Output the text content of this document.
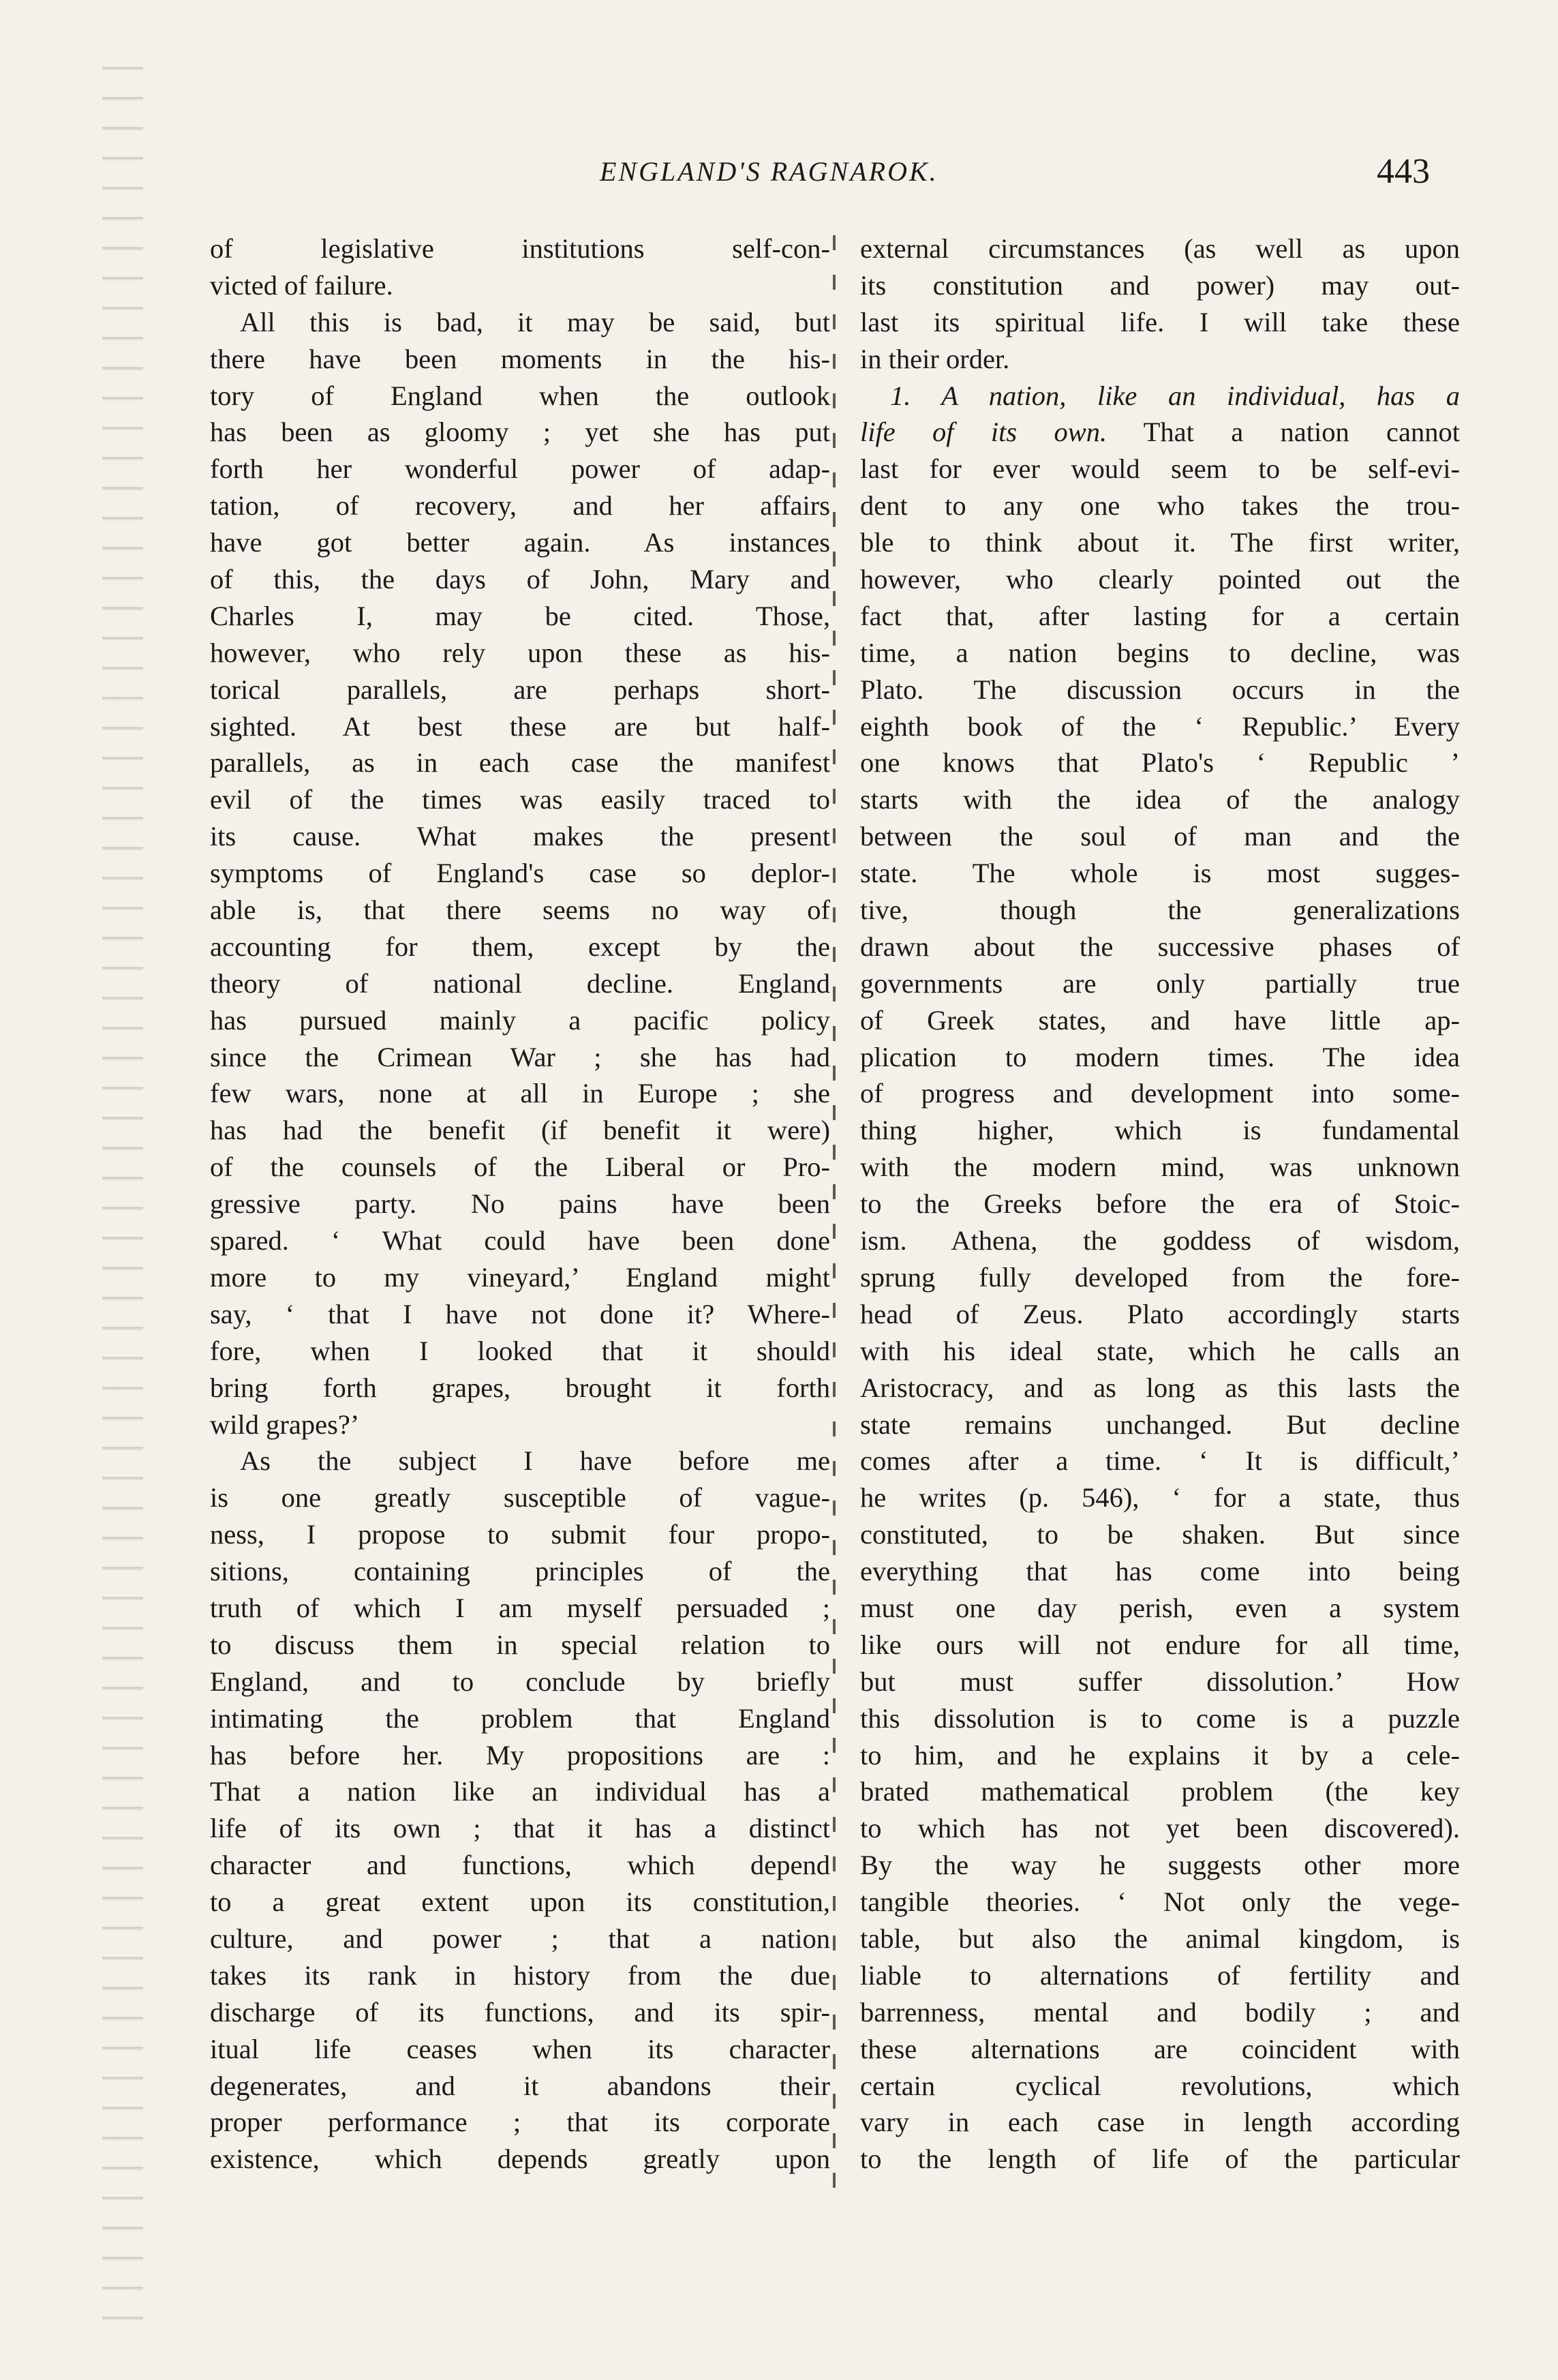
ENGLAND'S RAGNAROK.	443
of legislative institutions self-con-
victed of failure.
All this is bad, it may be said, but
there have been moments in the his-
tory of England when the outlook
has been as gloomy ; yet she has put
forth her wonderful power of adap-
tation, of recovery, and her affairs
have got better again. As instances
of this, the days of John, Mary and
Charles I, may be cited. Those,
however, who rely upon these as his-
torical parallels, are perhaps short-
sighted. At best these are but half-
parallels, as in each case the manifest
evil of the times was easily traced to
its cause. What makes the present
symptoms of England's case so deplor-
able is, that there seems no way of
accounting for them, except by the
theory of national decline. England
has pursued mainly a pacific policy
since the Crimean War ; she has had
few wars, none at all in Europe ; she
has had the benefit (if benefit it were)
of the counsels of the Liberal or Pro-
gressive party. No pains have been
spared. ‘ What could have been done
more to my vineyard,’ England might
say, ‘ that I have not done it? Where-
fore, when I looked that it should
bring forth grapes, brought it forth
wild grapes?’
As the subject I have before me
is one greatly susceptible of vague-
ness, I propose to submit four propo-
sitions, containing principles of the
truth of which I am myself persuaded ;
to discuss them in special relation to
England, and to conclude by briefly
intimating the problem that England
has before her. My propositions are :
That a nation like an individual has a
life of its own ; that it has a distinct
character and functions, which depend
to a great extent upon its constitution,
culture, and power ; that a nation
takes its rank in history from the due
discharge of its functions, and its spir-
itual life ceases when its character
degenerates, and it abandons their
proper performance ; that its corporate
existence, which depends greatly upon
external circumstances (as well as upon
its constitution and power) may out-
last its spiritual life. I will take these
in their order.
1. A nation, like an individual, has a
life of its own. That a nation cannot
last for ever would seem to be self-evi-
dent to any one who takes the trou-
ble to think about it. The first writer,
however, who clearly pointed out the
fact that, after lasting for a certain
time, a nation begins to decline, was
Plato. The discussion occurs in the
eighth book of the ‘ Republic.’ Every
one knows that Plato's ‘ Republic ’
starts with the idea of the analogy
between the soul of man and the
state. The whole is most sugges-
tive, though the generalizations
drawn about the successive phases of
governments are only partially true
of Greek states, and have little ap-
plication to modern times. The idea
of progress and development into some-
thing higher, which is fundamental
with the modern mind, was unknown
to the Greeks before the era of Stoic-
ism. Athena, the goddess of wisdom,
sprung fully developed from the fore-
head of Zeus. Plato accordingly starts
with his ideal state, which he calls an
Aristocracy, and as long as this lasts the
state remains unchanged. But decline
comes after a time. ‘ It is difficult,’
he writes (p. 546), ‘ for a state, thus
constituted, to be shaken. But since
everything that has come into being
must one day perish, even a system
like ours will not endure for all time,
but must suffer dissolution.’ How
this dissolution is to come is a puzzle
to him, and he explains it by a cele-
brated mathematical problem (the key
to which has not yet been discovered).
By the way he suggests other more
tangible theories. ‘ Not only the vege-
table, but also the animal kingdom, is
liable to alternations of fertility and
barrenness, mental and bodily ; and
these alternations are coincident with
certain cyclical revolutions, which
vary in each case in length according
to the length of life of the particular
